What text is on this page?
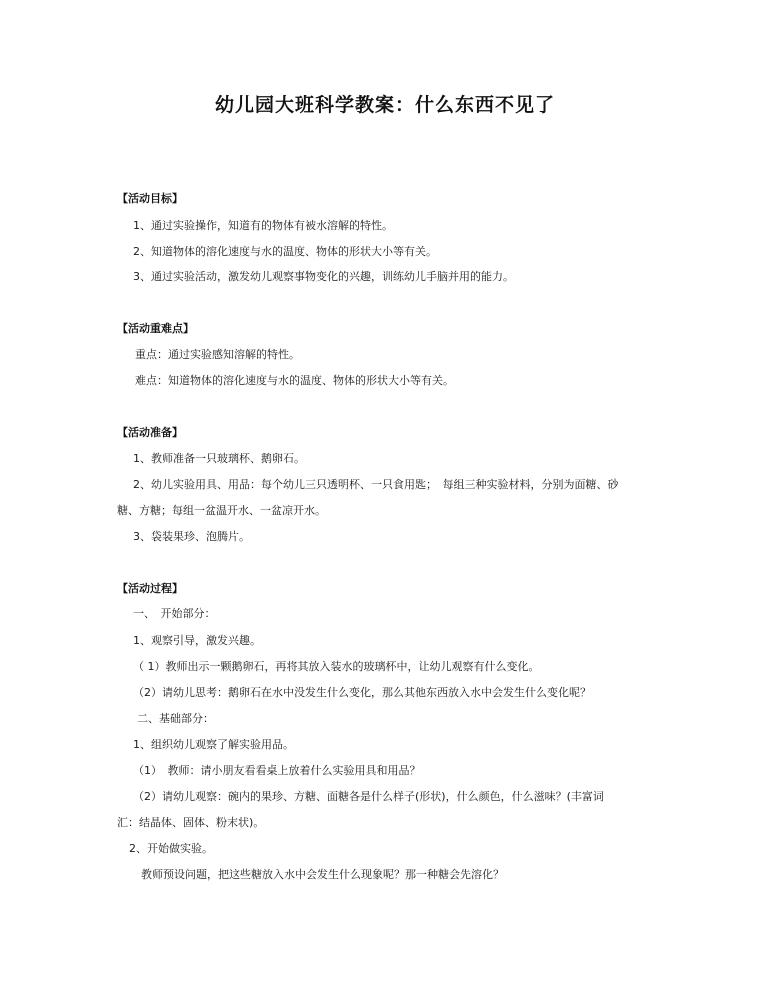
幼儿园大班科学教案：什么东西不见了
【活动目标】
1、通过实验操作，知道有的物体有被水溶解的特性。
2、知道物体的溶化速度与水的温度、物体的形状大小等有关。
3、通过实验活动，激发幼儿观察事物变化的兴趣，训练幼儿手脑并用的能力。
【活动重难点】
重点：通过实验感知溶解的特性。
难点：知道物体的溶化速度与水的温度、物体的形状大小等有关。
【活动准备】
1、教师准备一只玻璃杯、鹅卵石。
2、幼儿实验用具、用品：每个幼儿三只透明杯、一只食用匙；　每组三种实验材料，分别为面糖、砂
糖、方糖；每组一盆温开水、一盆凉开水。
3、袋装果珍、泡腾片。
【活动过程】
一、　开始部分：
1、观察引导，激发兴趣。
（ 1）教师出示一颗鹅卵石，再将其放入装水的玻璃杯中，让幼儿观察有什么变化。
（2）请幼儿思考：鹅卵石在水中没发生什么变化，那么其他东西放入水中会发生什么变化呢？
二、基础部分：
1、组织幼儿观察了解实验用品。
（1）　教师：请小朋友看看桌上放着什么实验用具和用品？
（2）请幼儿观察：碗内的果珍、方糖、面糖各是什么样子(形状)，什么颜色，什么滋味？(丰富词
汇：结晶体、固体、粉末状)。
2、开始做实验。
教师预设问题，把这些糖放入水中会发生什么现象呢？那一种糖会先溶化？
